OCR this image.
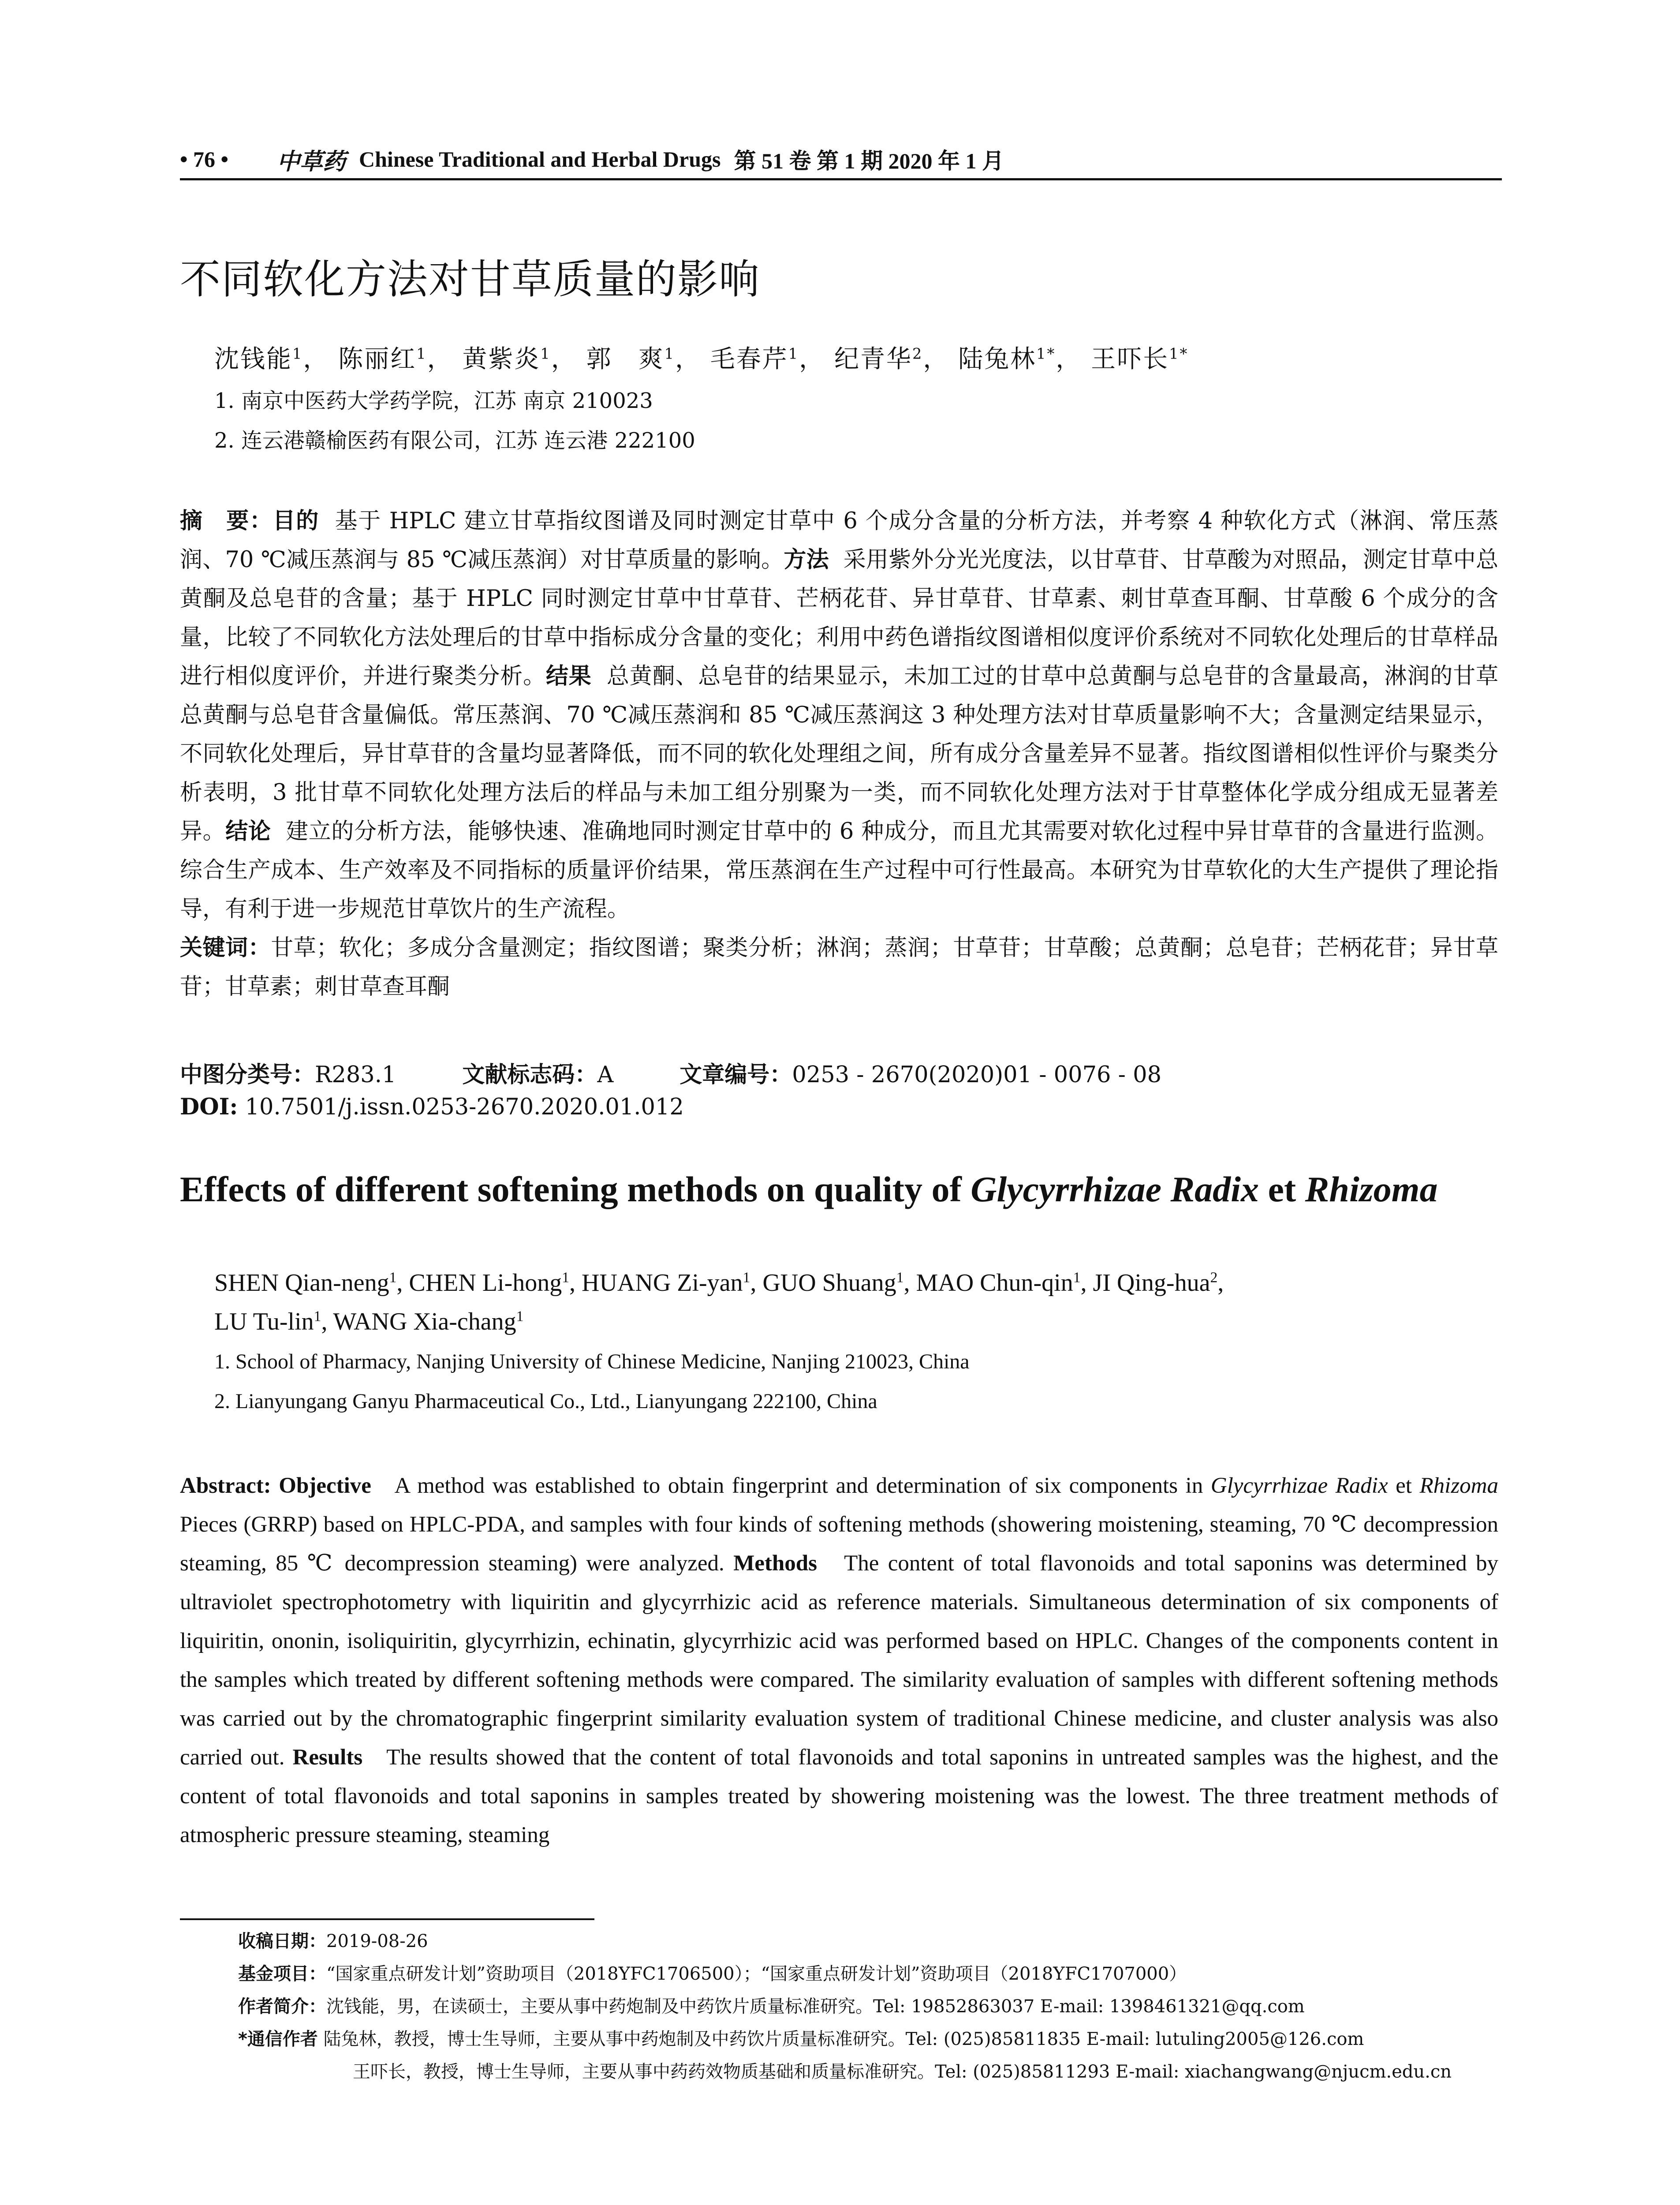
• 76 •	中草药 Chinese Traditional and Herbal Drugs 第 51 卷 第 1 期 2020 年 1 月
不同软化方法对甘草质量的影响
沈钱能$^1$， 陈丽红$^1$， 黄紫炎$^1$， 郭　爽$^1$， 毛春芹$^1$， 纪青华$^2$， 陆兔林$^{1*}$， 王吓长$^{1*}$
1. 南京中医药大学药学院，江苏 南京 210023
2. 连云港赣榆医药有限公司，江苏 连云港 222100
摘　要：目的 基于 HPLC 建立甘草指纹图谱及同时测定甘草中 6 个成分含量的分析方法，并考察 4 种软化方式（淋润、常压蒸润、70 ℃减压蒸润与 85 ℃减压蒸润）对甘草质量的影响。方法 采用紫外分光光度法，以甘草苷、甘草酸为对照品，测定甘草中总黄酮及总皂苷的含量；基于 HPLC 同时测定甘草中甘草苷、芒柄花苷、异甘草苷、甘草素、刺甘草查耳酮、甘草酸 6 个成分的含量，比较了不同软化方法处理后的甘草中指标成分含量的变化；利用中药色谱指纹图谱相似度评价系统对不同软化处理后的甘草样品进行相似度评价，并进行聚类分析。结果 总黄酮、总皂苷的结果显示，未加工过的甘草中总黄酮与总皂苷的含量最高，淋润的甘草总黄酮与总皂苷含量偏低。常压蒸润、70 ℃减压蒸润和 85 ℃减压蒸润这 3 种处理方法对甘草质量影响不大；含量测定结果显示，不同软化处理后，异甘草苷的含量均显著降低，而不同的软化处理组之间，所有成分含量差异不显著。指纹图谱相似性评价与聚类分析表明，3 批甘草不同软化处理方法后的样品与未加工组分别聚为一类，而不同软化处理方法对于甘草整体化学成分组成无显著差异。结论 建立的分析方法，能够快速、准确地同时测定甘草中的 6 种成分，而且尤其需要对软化过程中异甘草苷的含量进行监测。综合生产成本、生产效率及不同指标的质量评价结果，常压蒸润在生产过程中可行性最高。本研究为甘草软化的大生产提供了理论指导，有利于进一步规范甘草饮片的生产流程。
关键词：甘草；软化；多成分含量测定；指纹图谱；聚类分析；淋润；蒸润；甘草苷；甘草酸；总黄酮；总皂苷；芒柄花苷；异甘草苷；甘草素；刺甘草查耳酮
中图分类号：R283.1	文献标志码：A	文章编号：0253 - 2670(2020)01 - 0076 - 08
DOI: 10.7501/j.issn.0253-2670.2020.01.012
Effects of different softening methods on quality of Glycyrrhizae Radix et Rhizoma
SHEN Qian-neng$^1$, CHEN Li-hong$^1$, HUANG Zi-yan$^1$, GUO Shuang$^1$, MAO Chun-qin$^1$, JI Qing-hua$^2$,
LU Tu-lin$^1$, WANG Xia-chang$^1$
1. School of Pharmacy, Nanjing University of Chinese Medicine, Nanjing 210023, China
2. Lianyungang Ganyu Pharmaceutical Co., Ltd., Lianyungang 222100, China
Abstract: Objective A method was established to obtain fingerprint and determination of six components in Glycyrrhizae Radix et Rhizoma Pieces (GRRP) based on HPLC-PDA, and samples with four kinds of softening methods (showering moistening, steaming, 70 ℃ decompression steaming, 85 ℃ decompression steaming) were analyzed. Methods The content of total flavonoids and total saponins was determined by ultraviolet spectrophotometry with liquiritin and glycyrrhizic acid as reference materials. Simultaneous determination of six components of liquiritin, ononin, isoliquiritin, glycyrrhizin, echinatin, glycyrrhizic acid was performed based on HPLC. Changes of the components content in the samples which treated by different softening methods were compared. The similarity evaluation of samples with different softening methods was carried out by the chromatographic fingerprint similarity evaluation system of traditional Chinese medicine, and cluster analysis was also carried out. Results The results showed that the content of total flavonoids and total saponins in untreated samples was the highest, and the content of total flavonoids and total saponins in samples treated by showering moistening was the lowest. The three treatment methods of atmospheric pressure steaming, steaming
收稿日期：2019-08-26
基金项目：“国家重点研发计划”资助项目（2018YFC1706500）；“国家重点研发计划”资助项目（2018YFC1707000）
作者简介：沈钱能，男，在读硕士，主要从事中药炮制及中药饮片质量标准研究。Tel: 19852863037 E-mail: 1398461321@qq.com
*通信作者 陆兔林，教授，博士生导师，主要从事中药炮制及中药饮片质量标准研究。Tel: (025)85811835 E-mail: lutuling2005@126.com
王吓长，教授，博士生导师，主要从事中药药效物质基础和质量标准研究。Tel: (025)85811293 E-mail: xiachangwang@njucm.edu.cn
